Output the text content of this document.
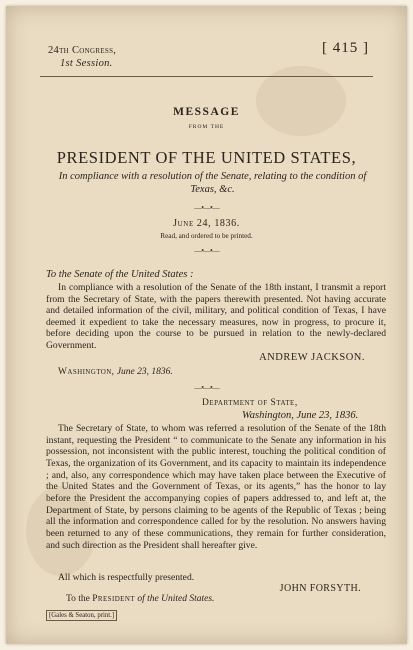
24th Congress,
1st Session.
[ 415 ]
MESSAGE
FROM THE
PRESIDENT OF THE UNITED STATES,
In compliance with a resolution of the Senate, relating to the condition of Texas, &c.
—•—•—
June 24, 1836.
Read, and ordered to be printed.
—•—•—
To the Senate of the United States :
In compliance with a resolution of the Senate of the 18th instant, I transmit a report from the Secretary of State, with the papers therewith presented. Not having accurate and detailed information of the civil, military, and political condition of Texas, I have deemed it expedient to take the necessary measures, now in progress, to procure it, before deciding upon the course to be pursued in relation to the newly-declared Government.
ANDREW JACKSON.
Washington, June 23, 1836.
—•—•—
Department of State,
Washington, June 23, 1836.
The Secretary of State, to whom was referred a resolution of the Senate of the 18th instant, requesting the President “ to communicate to the Senate any information in his possession, not inconsistent with the public interest, touching the political condition of Texas, the organization of its Government, and its capacity to maintain its independence ; and, also, any correspondence which may have taken place between the Executive of the United States and the Government of Texas, or its agents,” has the honor to lay before the President the accompanying copies of papers addressed to, and left at, the Department of State, by persons claiming to be agents of the Republic of Texas ; being all the information and correspondence called for by the resolution. No answers having been returned to any of these communications, they remain for further consideration, and such direction as the President shall hereafter give.
All which is respectfully presented.
JOHN FORSYTH.
To the President of the United States.
[Gales & Seaton, print.]
